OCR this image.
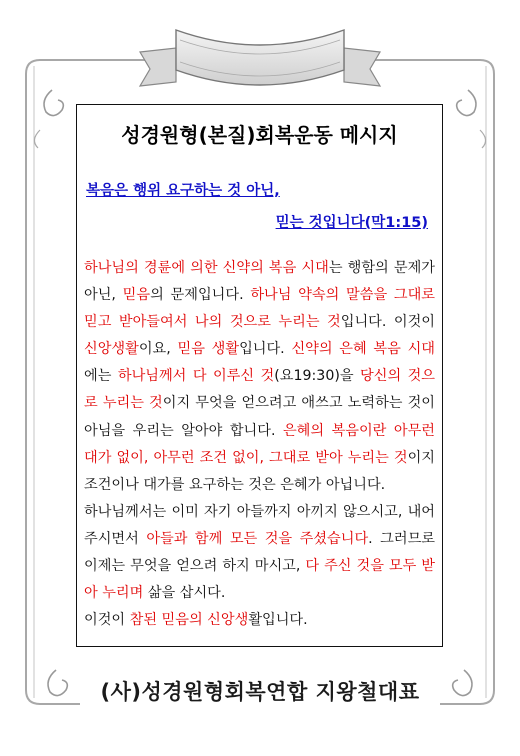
성경원형(본질)회복운동 메시지
복음은 행위 요구하는 것 아닌,
믿는 것입니다(막1:15)

하나님의 경륜에 의한 신약의 복음 시대는 행함의 문제가 아닌, 믿음의 문제입니다. 하나님 약속의 말씀을 그대로 믿고 받아들여서 나의 것으로 누리는 것입니다. 이것이 신앙생활이요, 믿음 생활입니다. 신약의 은혜 복음 시대에는 하나님께서 다 이루신 것(요19:30)을 당신의 것으로 누리는 것이지 무엇을 얻으려고 애쓰고 노력하는 것이 아님을 우리는 알아야 합니다. 은혜의 복음이란 아무런 대가 없이, 아무런 조건 없이, 그대로 받아 누리는 것이지 조건이나 대가를 요구하는 것은 은혜가 아닙니다.

하나님께서는 이미 자기 아들까지 아끼지 않으시고, 내어 주시면서 아들과 함께 모든 것을 주셨습니다. 그러므로 이제는 무엇을 얻으려 하지 마시고, 다 주신 것을 모두 받아 누리며 삶을 삽시다.

이것이 참된 믿음의 신앙생활입니다.

(사)성경원형회복연합 지왕철대표
